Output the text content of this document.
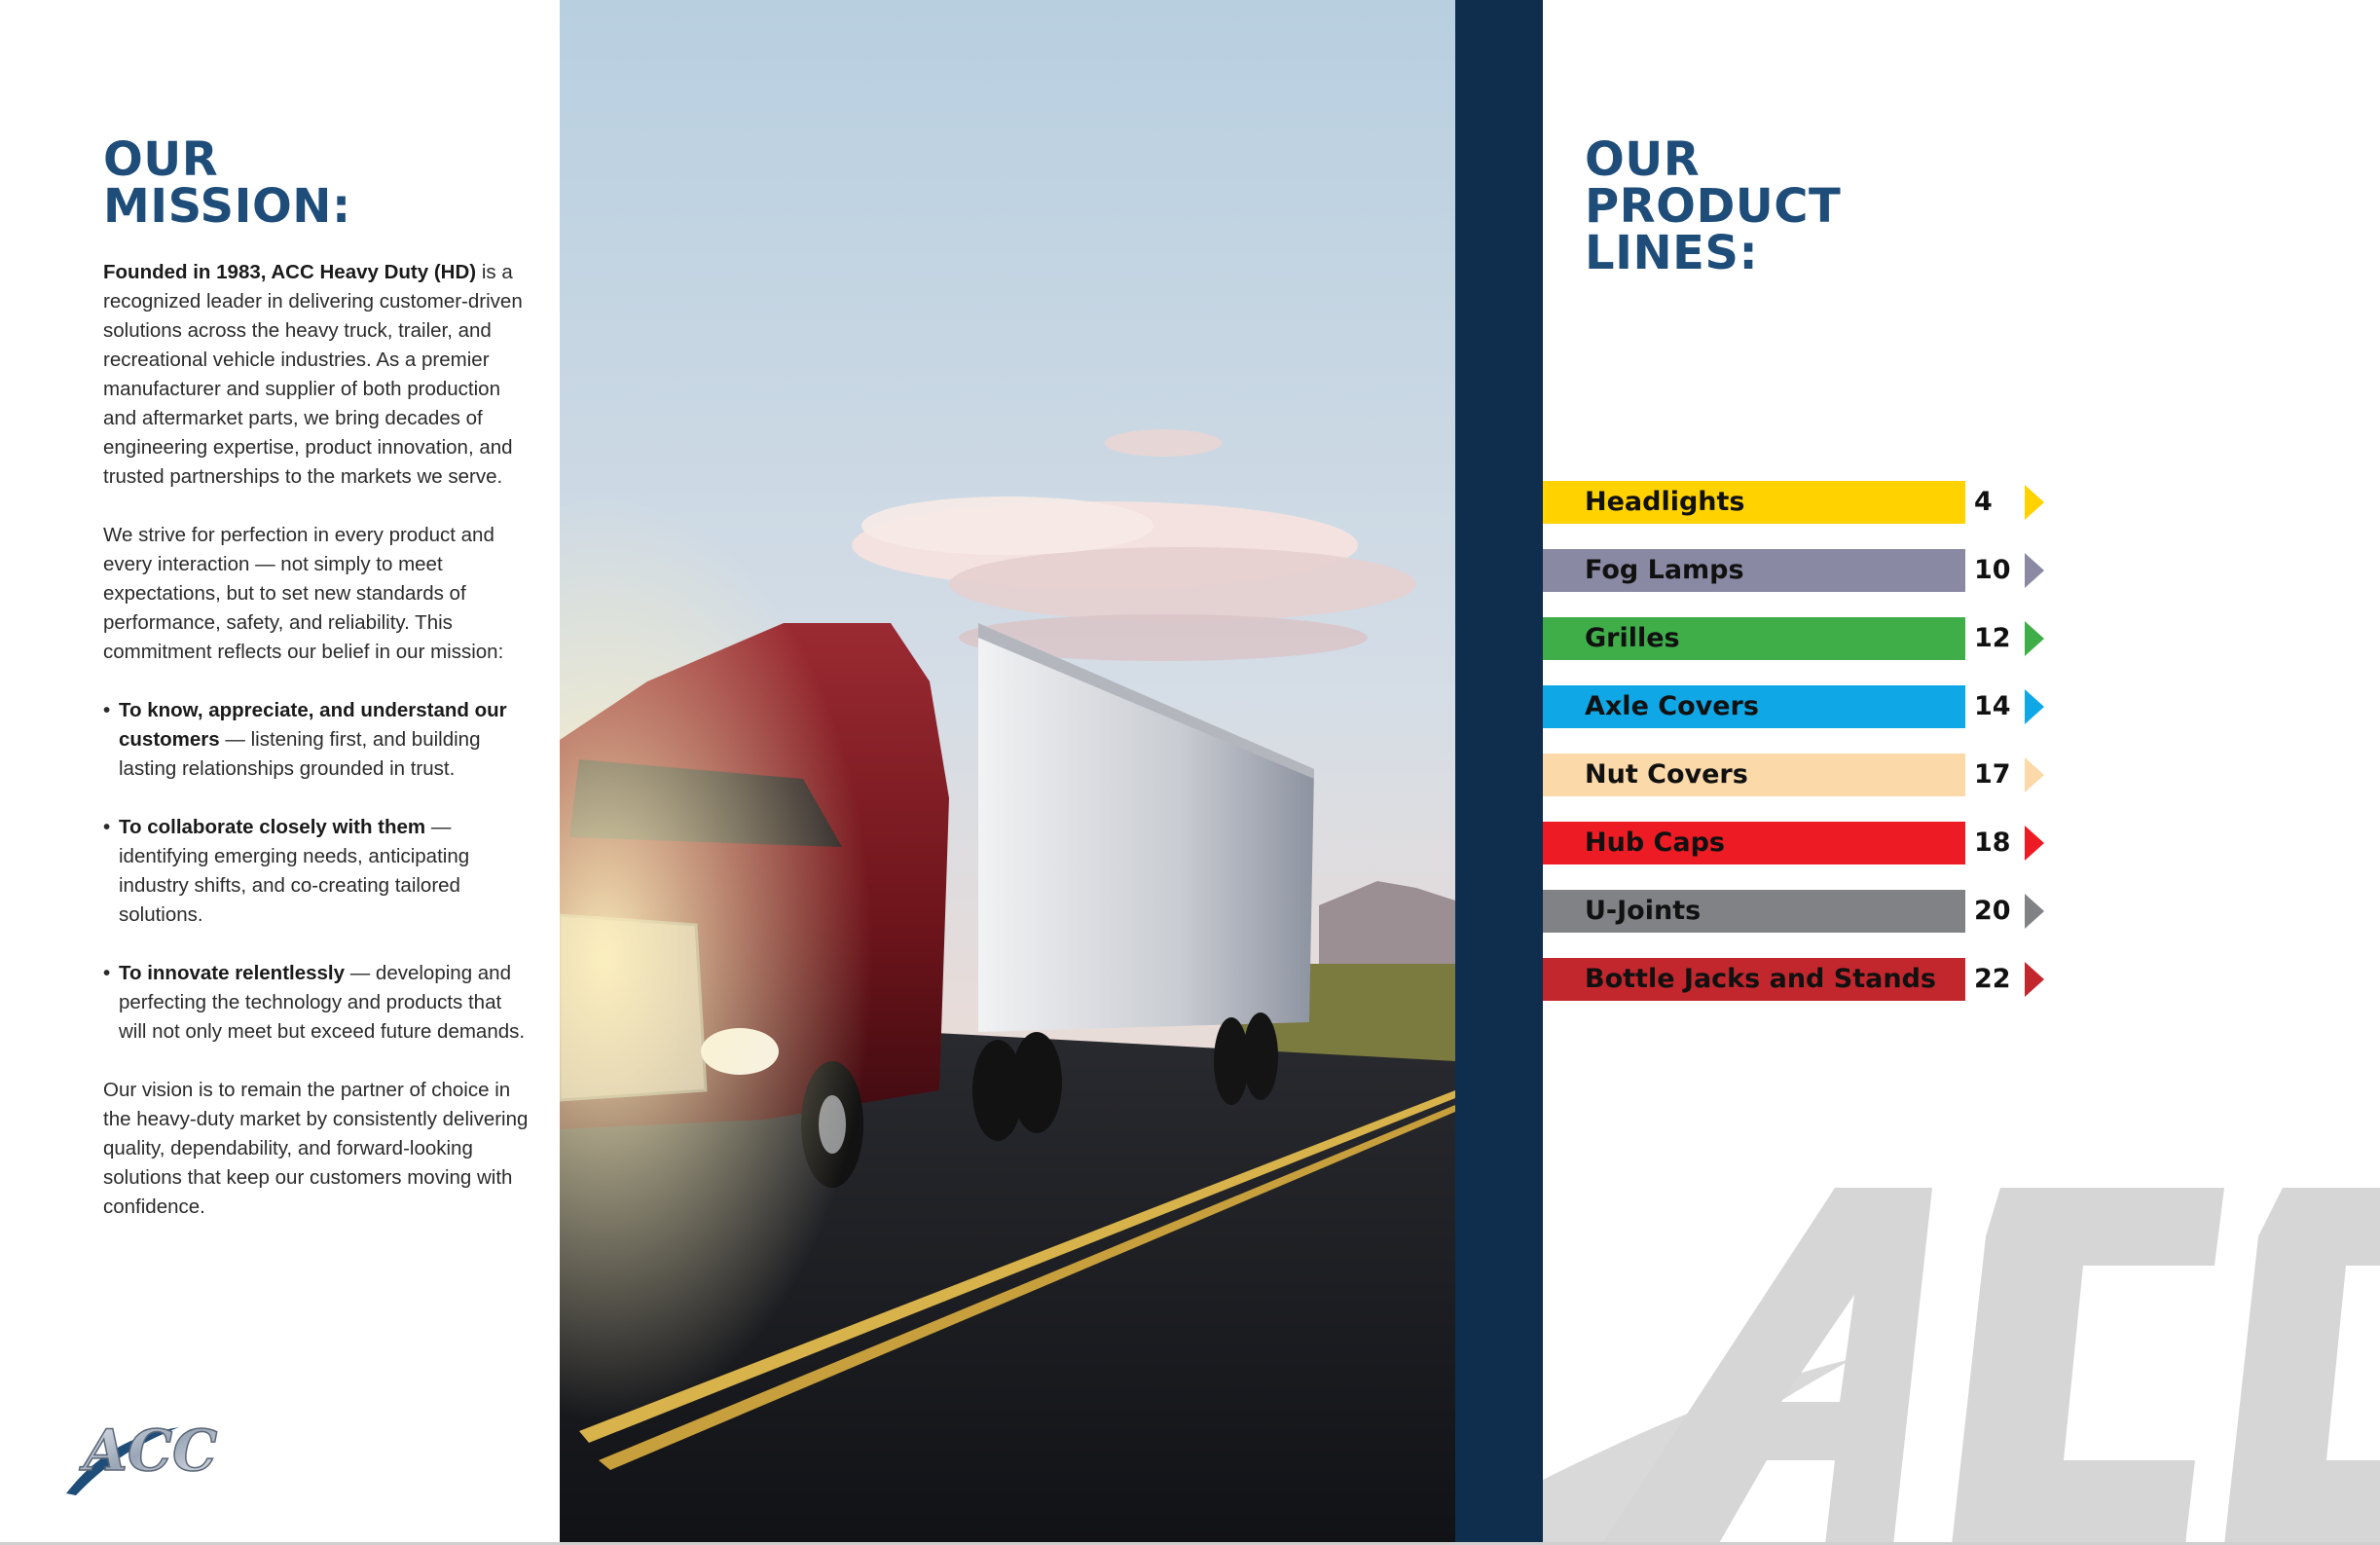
OUR
MISSION:

Founded in 1983, ACC Heavy Duty (HD) is a recognized leader in delivering customer-driven solutions across the heavy truck, trailer, and recreational vehicle industries. As a premier manufacturer and supplier of both production and aftermarket parts, we bring decades of engineering expertise, product innovation, and trusted partnerships to the markets we serve.

We strive for perfection in every product and every interaction — not simply to meet expectations, but to set new standards of performance, safety, and reliability. This commitment reflects our belief in our mission:

• To know, appreciate, and understand our customers — listening first, and building lasting relationships grounded in trust.
• To collaborate closely with them — identifying emerging needs, anticipating industry shifts, and co-creating tailored solutions.
• To innovate relentlessly — developing and perfecting the technology and products that will not only meet but exceed future demands.

Our vision is to remain the partner of choice in the heavy-duty market by consistently delivering quality, dependability, and forward-looking solutions that keep our customers moving with confidence.

ACC
OUR
PRODUCT
LINES:
Headlights	4
Fog Lamps	10
Grilles	12
Axle Covers	14
Nut Covers	17
Hub Caps	18
U-Joints	20
Bottle Jacks and Stands 22
